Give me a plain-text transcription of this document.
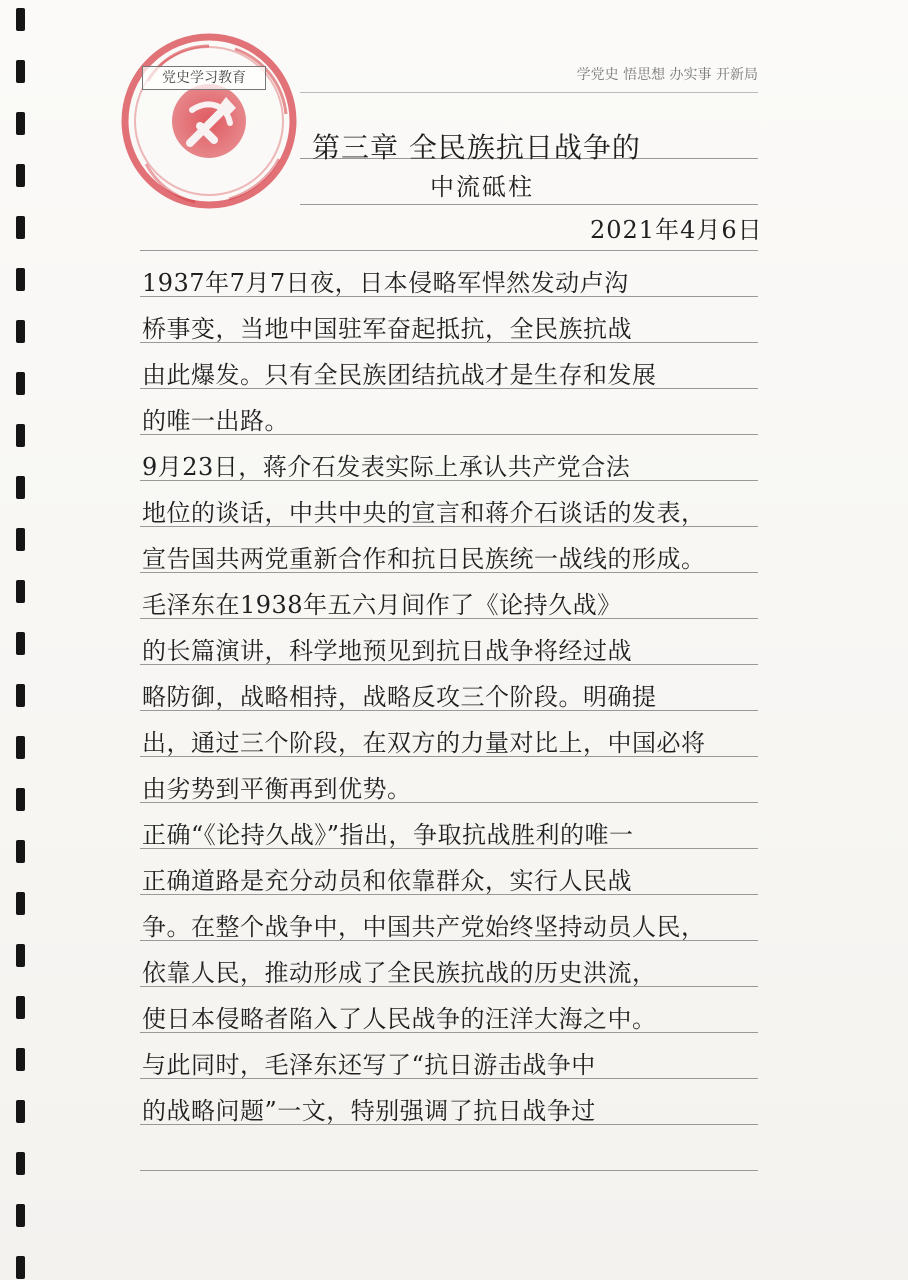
党史学习教育	学党史 悟思想 办实事 开新局
第三章 全民族抗日战争的
中流砥柱
2021年4月6日
1937年7月7日夜，日本侵略军悍然发动卢沟
桥事变，当地中国驻军奋起抵抗，全民族抗战
由此爆发。只有全民族团结抗战才是生存和发展
的唯一出路。
9月23日，蒋介石发表实际上承认共产党合法
地位的谈话，中共中央的宣言和蒋介石谈话的发表，
宣告国共两党重新合作和抗日民族统一战线的形成。
毛泽东在1938年五六月间作了《论持久战》
的长篇演讲，科学地预见到抗日战争将经过战
略防御，战略相持，战略反攻三个阶段。明确提
出，通过三个阶段，在双方的力量对比上，中国必将
由劣势到平衡再到优势。
正确“《论持久战》”指出，争取抗战胜利的唯一
正确道路是充分动员和依靠群众，实行人民战
争。在整个战争中，中国共产党始终坚持动员人民，
依靠人民，推动形成了全民族抗战的历史洪流，
使日本侵略者陷入了人民战争的汪洋大海之中。
与此同时，毛泽东还写了“抗日游击战争中
的战略问题”一文，特别强调了抗日战争过
